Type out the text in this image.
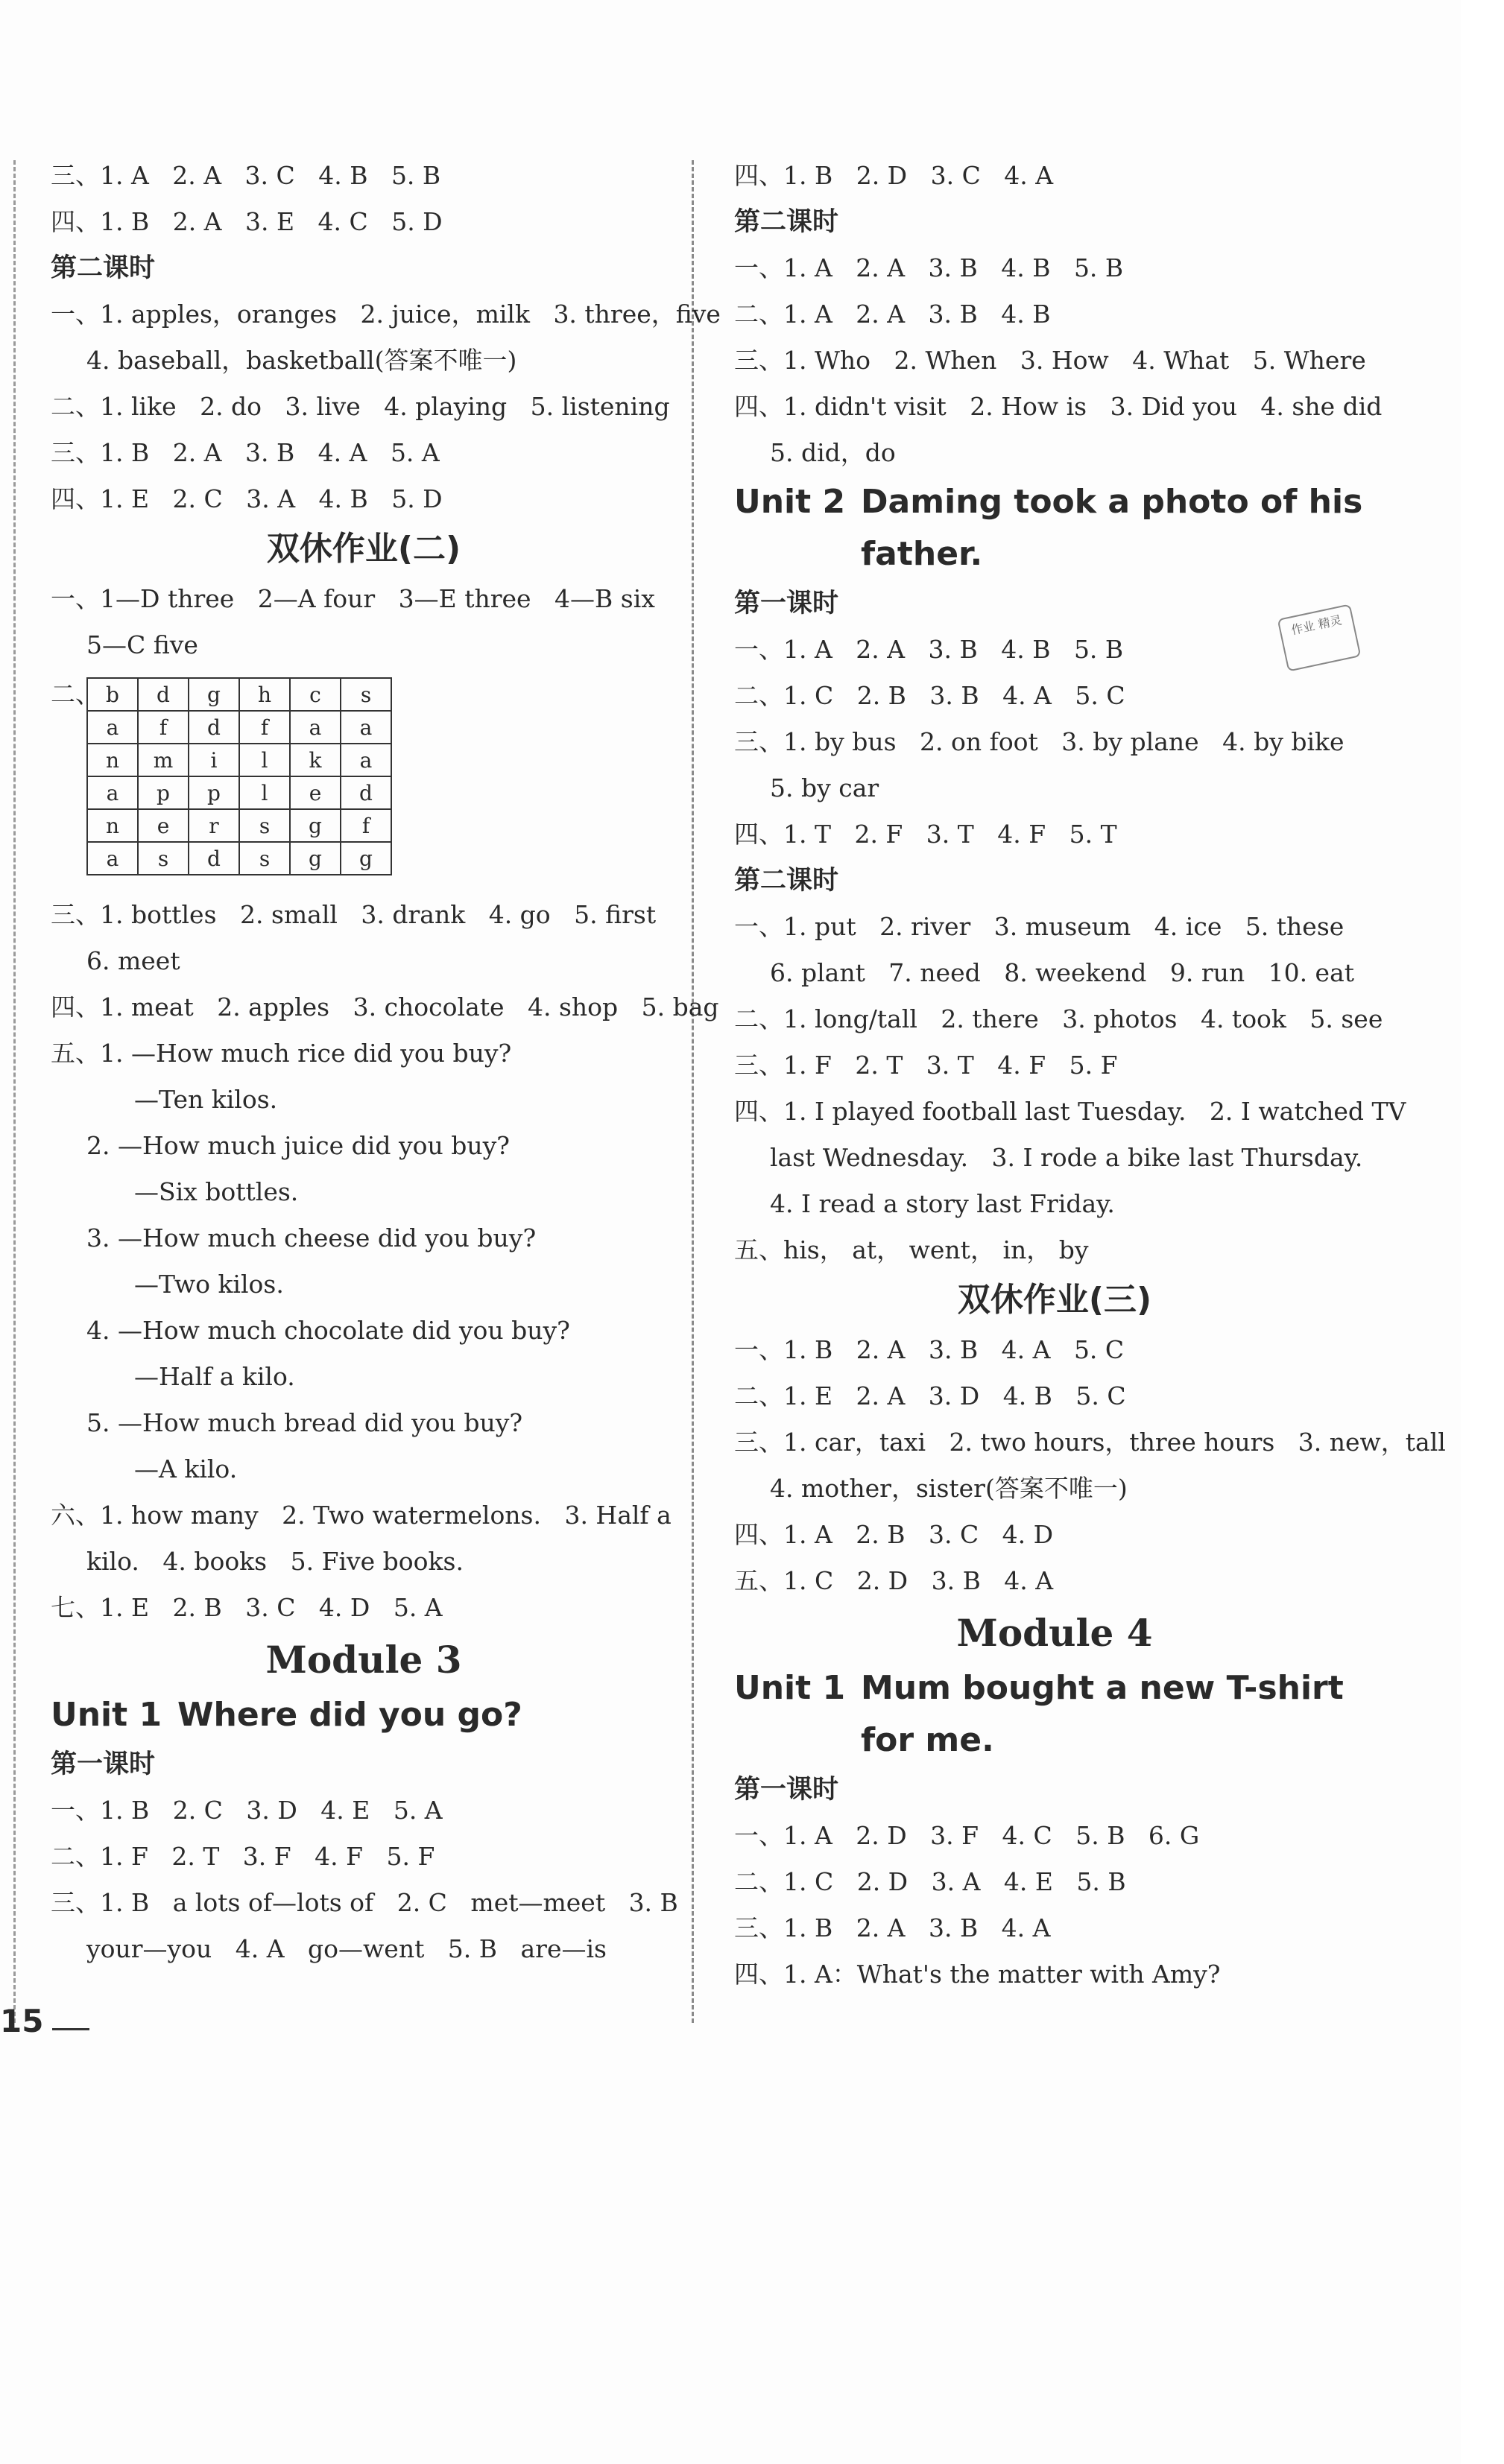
三、1. A   2. A   3. C   4. B   5. B
四、1. B   2. A   3. E   4. C   5. D
第二课时
一、1. apples，oranges   2. juice，milk   3. three，five
4. baseball，basketball(答案不唯一)
二、1. like   2. do   3. live   4. playing   5. listening
三、1. B   2. A   3. B   4. A   5. A
四、1. E   2. C   3. A   4. B   5. D
双休作业(二)
一、1—D three   2—A four   3—E three   4—B six
5—C five
二、 b	d	g	h	c	s
a	f	d	f	a	a
n	m	i	l	k	a
a	p	p	l	e	d
n	e	r	s	g	f
a	s	d	s	g	g
三、1. bottles   2. small   3. drank   4. go   5. first
6. meet
四、1. meat   2. apples   3. chocolate   4. shop   5. bag
五、1. —How much rice did you buy?
—Ten kilos.
2. —How much juice did you buy?
—Six bottles.
3. —How much cheese did you buy?
—Two kilos.
4. —How much chocolate did you buy?
—Half a kilo.
5. —How much bread did you buy?
—A kilo.
六、1. how many   2. Two watermelons.   3. Half a
kilo.   4. books   5. Five books.
七、1. E   2. B   3. C   4. D   5. A
Module 3
Unit 1 Where did you go?
第一课时
一、1. B   2. C   3. D   4. E   5. A
二、1. F   2. T   3. F   4. F   5. F
三、1. B   a lots of—lots of   2. C   met—meet   3. B
your—you   4. A   go—went   5. B   are—is
四、1. B   2. D   3. C   4. A
第二课时
一、1. A   2. A   3. B   4. B   5. B
二、1. A   2. A   3. B   4. B
三、1. Who   2. When   3. How   4. What   5. Where
四、1. didn't visit   2. How is   3. Did you   4. she did
5. did，do
Unit 2 Daming took a photo of his father.
第一课时
一、1. A   2. A   3. B   4. B   5. B
二、1. C   2. B   3. B   4. A   5. C
三、1. by bus   2. on foot   3. by plane   4. by bike
5. by car
四、1. T   2. F   3. T   4. F   5. T
第二课时
一、1. put   2. river   3. museum   4. ice   5. these
6. plant   7. need   8. weekend   9. run   10. eat
二、1. long/tall   2. there   3. photos   4. took   5. see
三、1. F   2. T   3. T   4. F   5. F
四、1. I played football last Tuesday.   2. I watched TV
last Wednesday.   3. I rode a bike last Thursday.
4. I read a story last Friday.
五、his， at， went， in， by
双休作业(三)
一、1. B   2. A   3. B   4. A   5. C
二、1. E   2. A   3. D   4. B   5. C
三、1. car，taxi   2. two hours，three hours   3. new，tall
4. mother，sister(答案不唯一)
四、1. A   2. B   3. C   4. D
五、1. C   2. D   3. B   4. A
Module 4
Unit 1 Mum bought a new T-shirt for me.
第一课时
一、1. A   2. D   3. F   4. C   5. B   6. G
二、1. C   2. D   3. A   4. E   5. B
三、1. B   2. A   3. B   4. A
四、1. A：What's the matter with Amy?
作业 精灵
15
